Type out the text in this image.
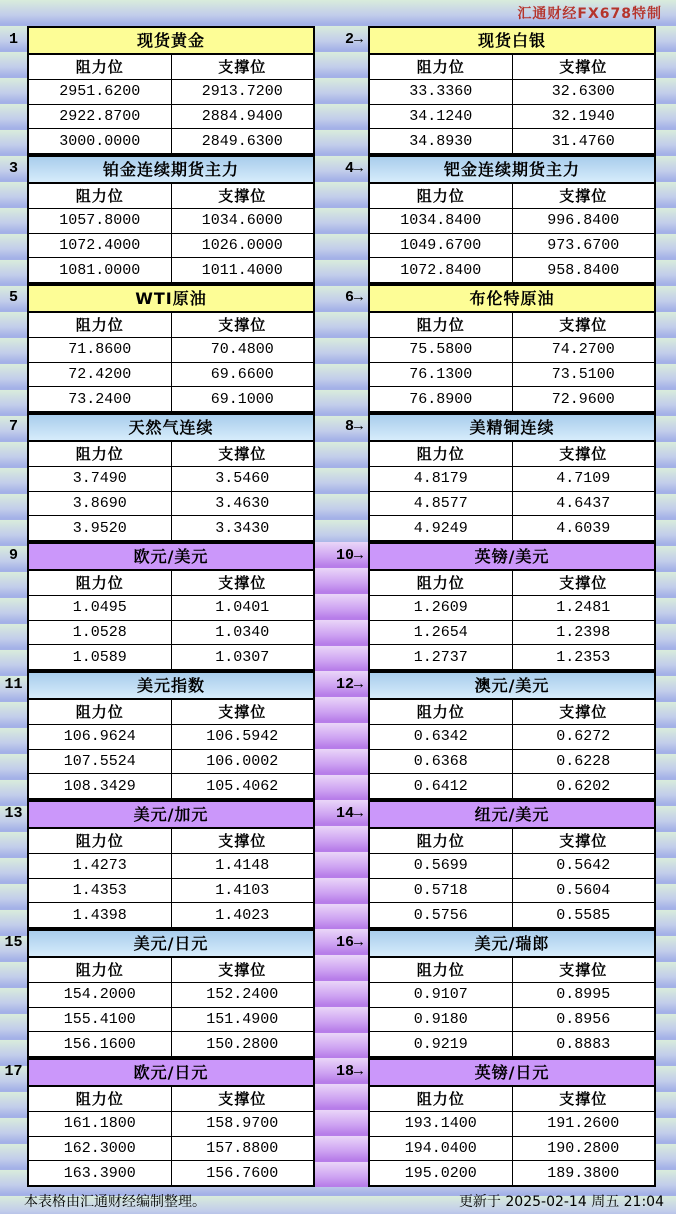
汇通财经FX678特制
1	现货黄金
阻力位	支撑位
2951.6200	2913.7200
2922.8700	2884.9400
3000.0000	2849.6300
2→	现货白银
阻力位	支撑位
33.3360	32.6300
34.1240	32.1940
34.8930	31.4760
3	铂金连续期货主力
阻力位	支撑位
1057.8000	1034.6000
1072.4000	1026.0000
1081.0000	1011.4000
4→	钯金连续期货主力
阻力位	支撑位
1034.8400	996.8400
1049.6700	973.6700
1072.8400	958.8400
5	WTI原油
阻力位	支撑位
71.8600	70.4800
72.4200	69.6600
73.2400	69.1000
6→	布伦特原油
阻力位	支撑位
75.5800	74.2700
76.1300	73.5100
76.8900	72.9600
7	天然气连续
阻力位	支撑位
3.7490	3.5460
3.8690	3.4630
3.9520	3.3430
8→	美精铜连续
阻力位	支撑位
4.8179	4.7109
4.8577	4.6437
4.9249	4.6039
9	欧元/美元
阻力位	支撑位
1.0495	1.0401
1.0528	1.0340
1.0589	1.0307
10→	英镑/美元
阻力位	支撑位
1.2609	1.2481
1.2654	1.2398
1.2737	1.2353
11	美元指数
阻力位	支撑位
106.9624	106.5942
107.5524	106.0002
108.3429	105.4062
12→	澳元/美元
阻力位	支撑位
0.6342	0.6272
0.6368	0.6228
0.6412	0.6202
13	美元/加元
阻力位	支撑位
1.4273	1.4148
1.4353	1.4103
1.4398	1.4023
14→	纽元/美元
阻力位	支撑位
0.5699	0.5642
0.5718	0.5604
0.5756	0.5585
15	美元/日元
阻力位	支撑位
154.2000	152.2400
155.4100	151.4900
156.1600	150.2800
16→	美元/瑞郎
阻力位	支撑位
0.9107	0.8995
0.9180	0.8956
0.9219	0.8883
17	欧元/日元
阻力位	支撑位
161.1800	158.9700
162.3000	157.8800
163.3900	156.7600
18→	英镑/日元
阻力位	支撑位
193.1400	191.2600
194.0400	190.2800
195.0200	189.3800
本表格由汇通财经编制整理。	更新于 2025-02-14 周五 21:04
